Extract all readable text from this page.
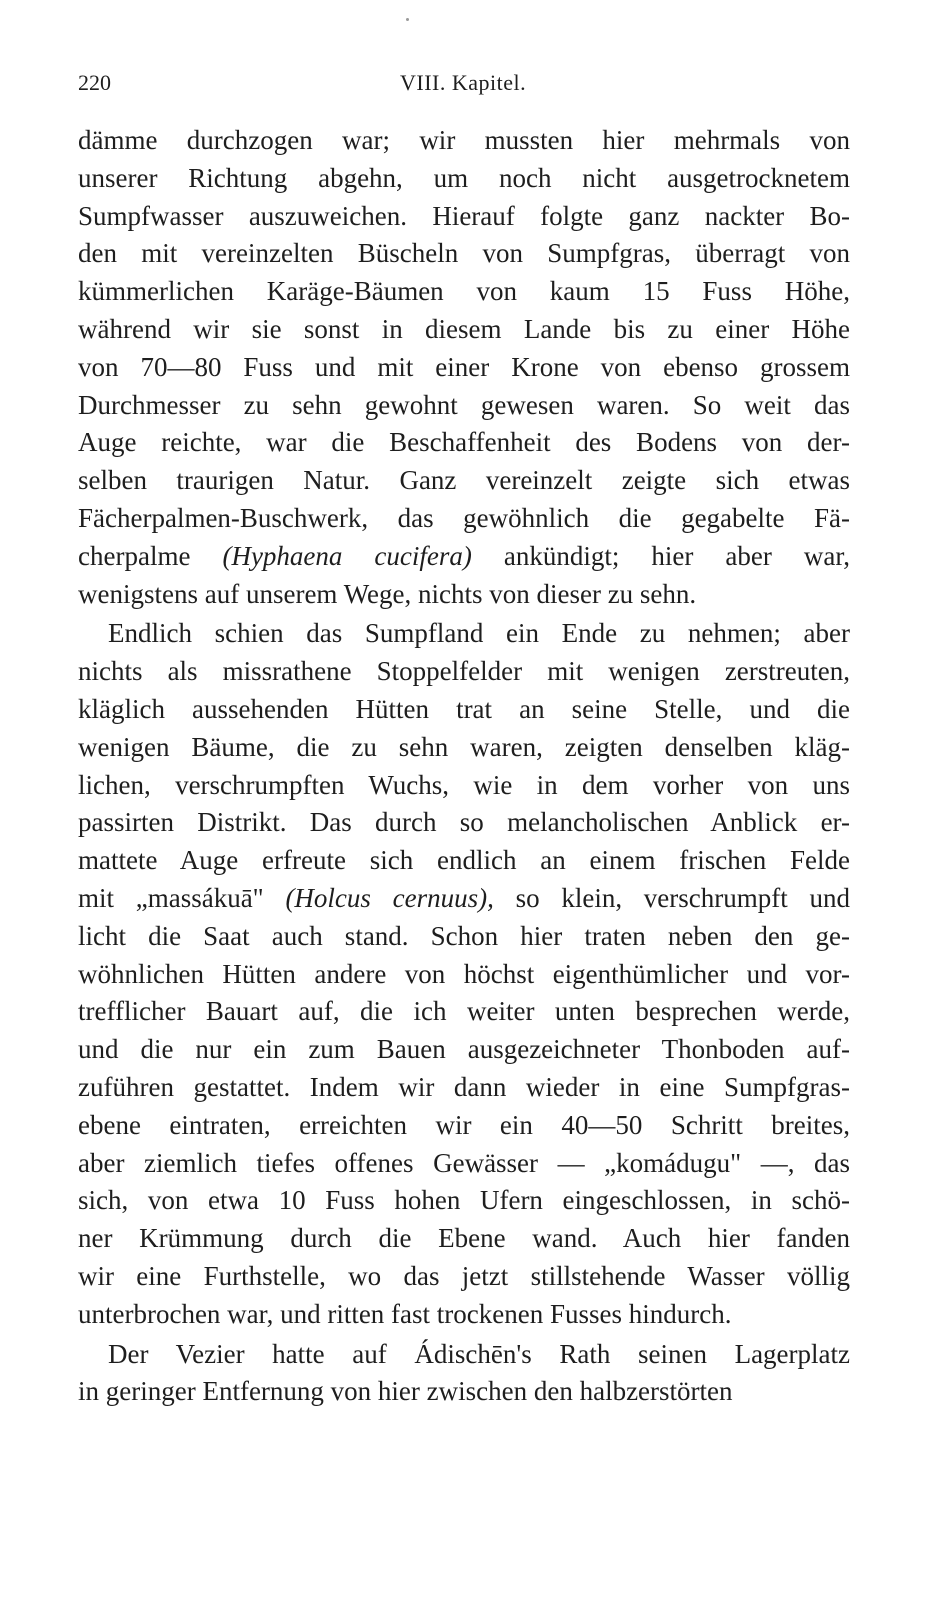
220	VIII. Kapitel.
dämme durchzogen war; wir mussten hier mehrmals von
unserer Richtung abgehn, um noch nicht ausgetrocknetem
Sumpfwasser auszuweichen. Hierauf folgte ganz nackter Bo-
den mit vereinzelten Büscheln von Sumpfgras, überragt von
kümmerlichen Karäge-Bäumen von kaum 15 Fuss Höhe,
während wir sie sonst in diesem Lande bis zu einer Höhe
von 70—80 Fuss und mit einer Krone von ebenso grossem
Durchmesser zu sehn gewohnt gewesen waren. So weit das
Auge reichte, war die Beschaffenheit des Bodens von der-
selben traurigen Natur. Ganz vereinzelt zeigte sich etwas
Fächerpalmen-Buschwerk, das gewöhnlich die gegabelte Fä-
cherpalme (Hyphaena cucifera) ankündigt; hier aber war,
wenigstens auf unserem Wege, nichts von dieser zu sehn.
Endlich schien das Sumpfland ein Ende zu nehmen; aber
nichts als missrathene Stoppelfelder mit wenigen zerstreuten,
kläglich aussehenden Hütten trat an seine Stelle, und die
wenigen Bäume, die zu sehn waren, zeigten denselben kläg-
lichen, verschrumpften Wuchs, wie in dem vorher von uns
passirten Distrikt. Das durch so melancholischen Anblick er-
mattete Auge erfreute sich endlich an einem frischen Felde
mit „massákuā" (Holcus cernuus), so klein, verschrumpft und
licht die Saat auch stand. Schon hier traten neben den ge-
wöhnlichen Hütten andere von höchst eigenthümlicher und vor-
trefflicher Bauart auf, die ich weiter unten besprechen werde,
und die nur ein zum Bauen ausgezeichneter Thonboden auf-
zuführen gestattet. Indem wir dann wieder in eine Sumpfgras-
ebene eintraten, erreichten wir ein 40—50 Schritt breites,
aber ziemlich tiefes offenes Gewässer — „komádugu" —, das
sich, von etwa 10 Fuss hohen Ufern eingeschlossen, in schö-
ner Krümmung durch die Ebene wand. Auch hier fanden
wir eine Furthstelle, wo das jetzt stillstehende Wasser völlig
unterbrochen war, und ritten fast trockenen Fusses hindurch.
Der Vezier hatte auf Ádischēn's Rath seinen Lagerplatz
in geringer Entfernung von hier zwischen den halbzerstörten
